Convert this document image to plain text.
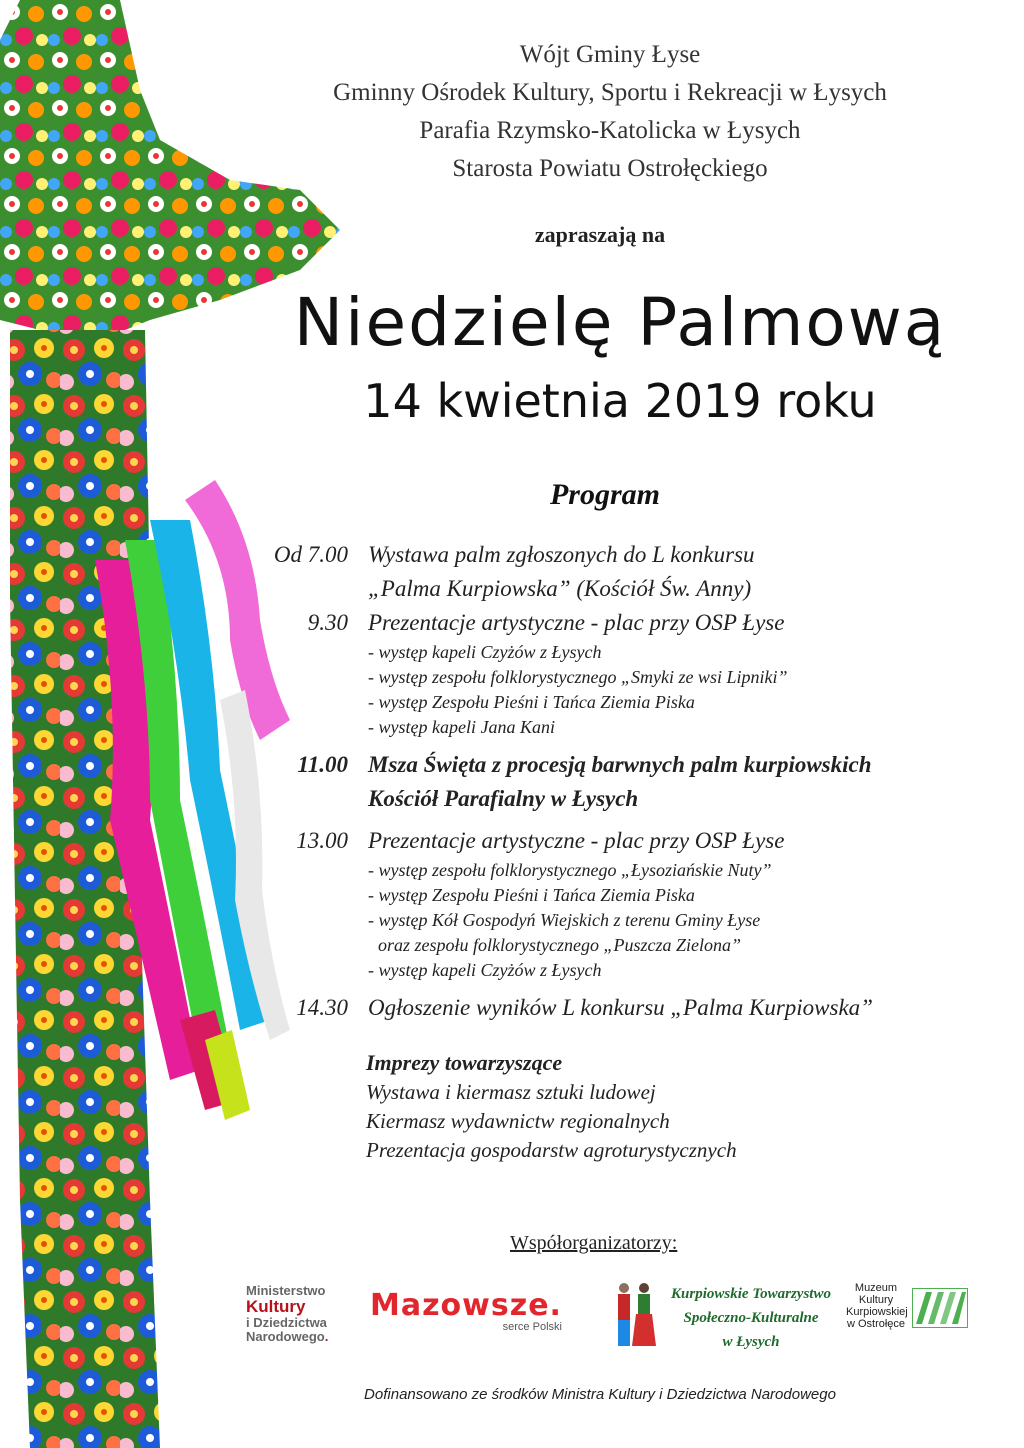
Wójt Gminy Łyse
Gminny Ośrodek Kultury, Sportu i Rekreacji w Łysych
Parafia Rzymsko-Katolicka w Łysych
Starosta Powiatu Ostrołęckiego
zapraszają na
Niedzielę Palmową
14 kwietnia 2019 roku
Program
Od 7.00 Wystawa palm zgłoszonych do L konkursu
„Palma Kurpiowska” (Kościół Św. Anny)
9.30 Prezentacje artystyczne - plac przy OSP Łyse
- występ kapeli Czyżów z Łysych
- występ zespołu folklorystycznego „Smyki ze wsi Lipniki”
- występ Zespołu Pieśni i Tańca Ziemia Piska
- występ kapeli Jana Kani
11.00 Msza Święta z procesją barwnych palm kurpiowskich
Kościół Parafialny w Łysych
13.00 Prezentacje artystyczne - plac przy OSP Łyse
- występ zespołu folklorystycznego „Łysoziańskie Nuty”
- występ Zespołu Pieśni i Tańca Ziemia Piska
- występ Kół Gospodyń Wiejskich z terenu Gminy Łyse
oraz zespołu folklorystycznego „Puszcza Zielona”
- występ kapeli Czyżów z Łysych
14.30 Ogłoszenie wyników L konkursu „Palma Kurpiowska”
Imprezy towarzyszące
Wystawa i kiermasz sztuki ludowej
Kiermasz wydawnictw regionalnych
Prezentacja gospodarstw agroturystycznych
Współorganizatorzy:
Ministerstwo
Kultury
i Dziedzictwa
Narodowego.
Mazowsze.
serce Polski
Kurpiowskie Towarzystwo
Społeczno-Kulturalne
w Łysych
Muzeum
Kultury
Kurpiowskiej
w Ostrołęce
Dofinansowano ze środków Ministra Kultury i Dziedzictwa Narodowego
